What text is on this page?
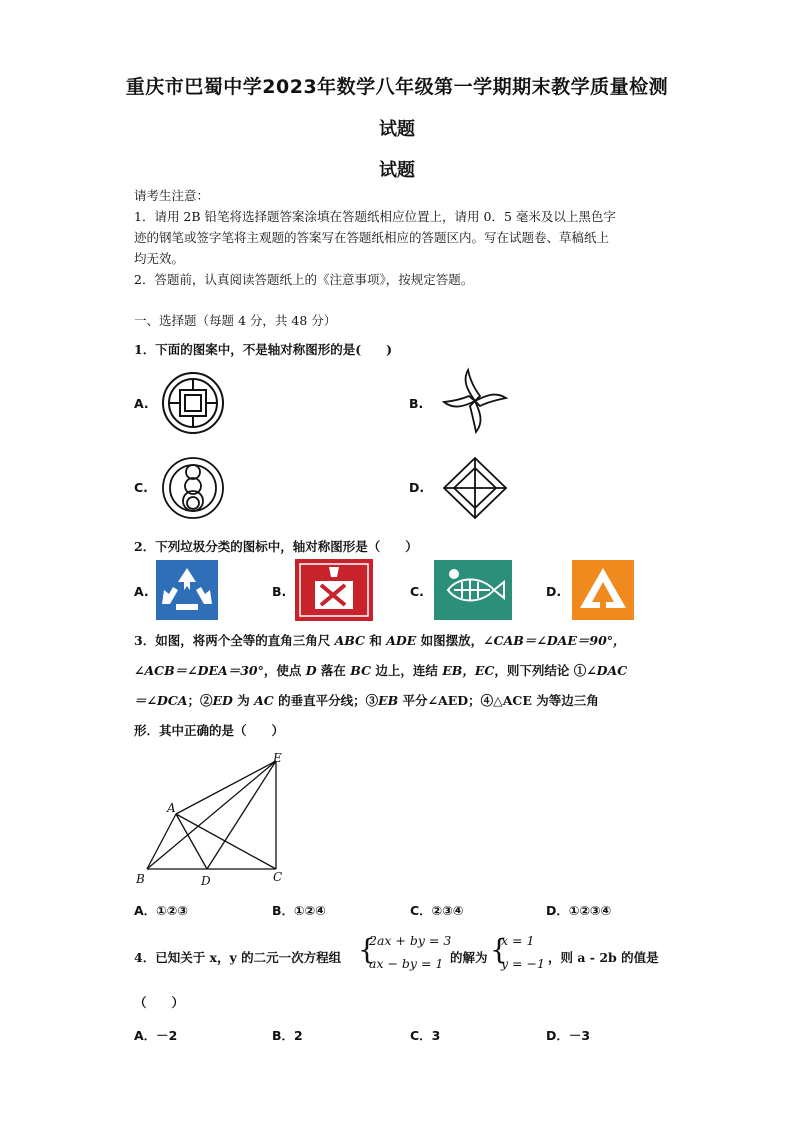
重庆市巴蜀中学2023年数学八年级第一学期期末教学质量检测
试题
试题
请考生注意：
1．请用 2B 铅笔将选择题答案涂填在答题纸相应位置上，请用 0．5 毫米及以上黑色字
迹的钢笔或签字笔将主观题的答案写在答题纸相应的答题区内。写在试题卷、草稿纸上
均无效。
2．答题前，认真阅读答题纸上的《注意事项》，按规定答题。
一、选择题（每题 4 分，共 48 分）
1．下面的图案中，不是轴对称图形的是(　　)
A.	B.
C.	D.
2．下列垃圾分类的图标中，轴对称图形是（　　）
A.	B.	C.	D.
3．如图，将两个全等的直角三角尺 ABC 和 ADE 如图摆放，∠CAB＝∠DAE＝90°，
∠ACB＝∠DEA＝30°，使点 D 落在 BC 边上，连结 EB，EC，则下列结论 ①∠DAC
＝∠DCA；②ED 为 AC 的垂直平分线；③EB 平分∠AED；④△ACE 为等边三角
形．其中正确的是（　　）
E
A
B	D	C
A．①②③	B．①②④	C．②③④	D．①②③④
4．已知关于 x，y 的二元一次方程组 {
2ax + by = 3
ax − by = 1 的解为 {
x = 1
y = −1 ，则 a - 2b 的值是
（　　）
A．－2	B．2	C．3	D．－3
